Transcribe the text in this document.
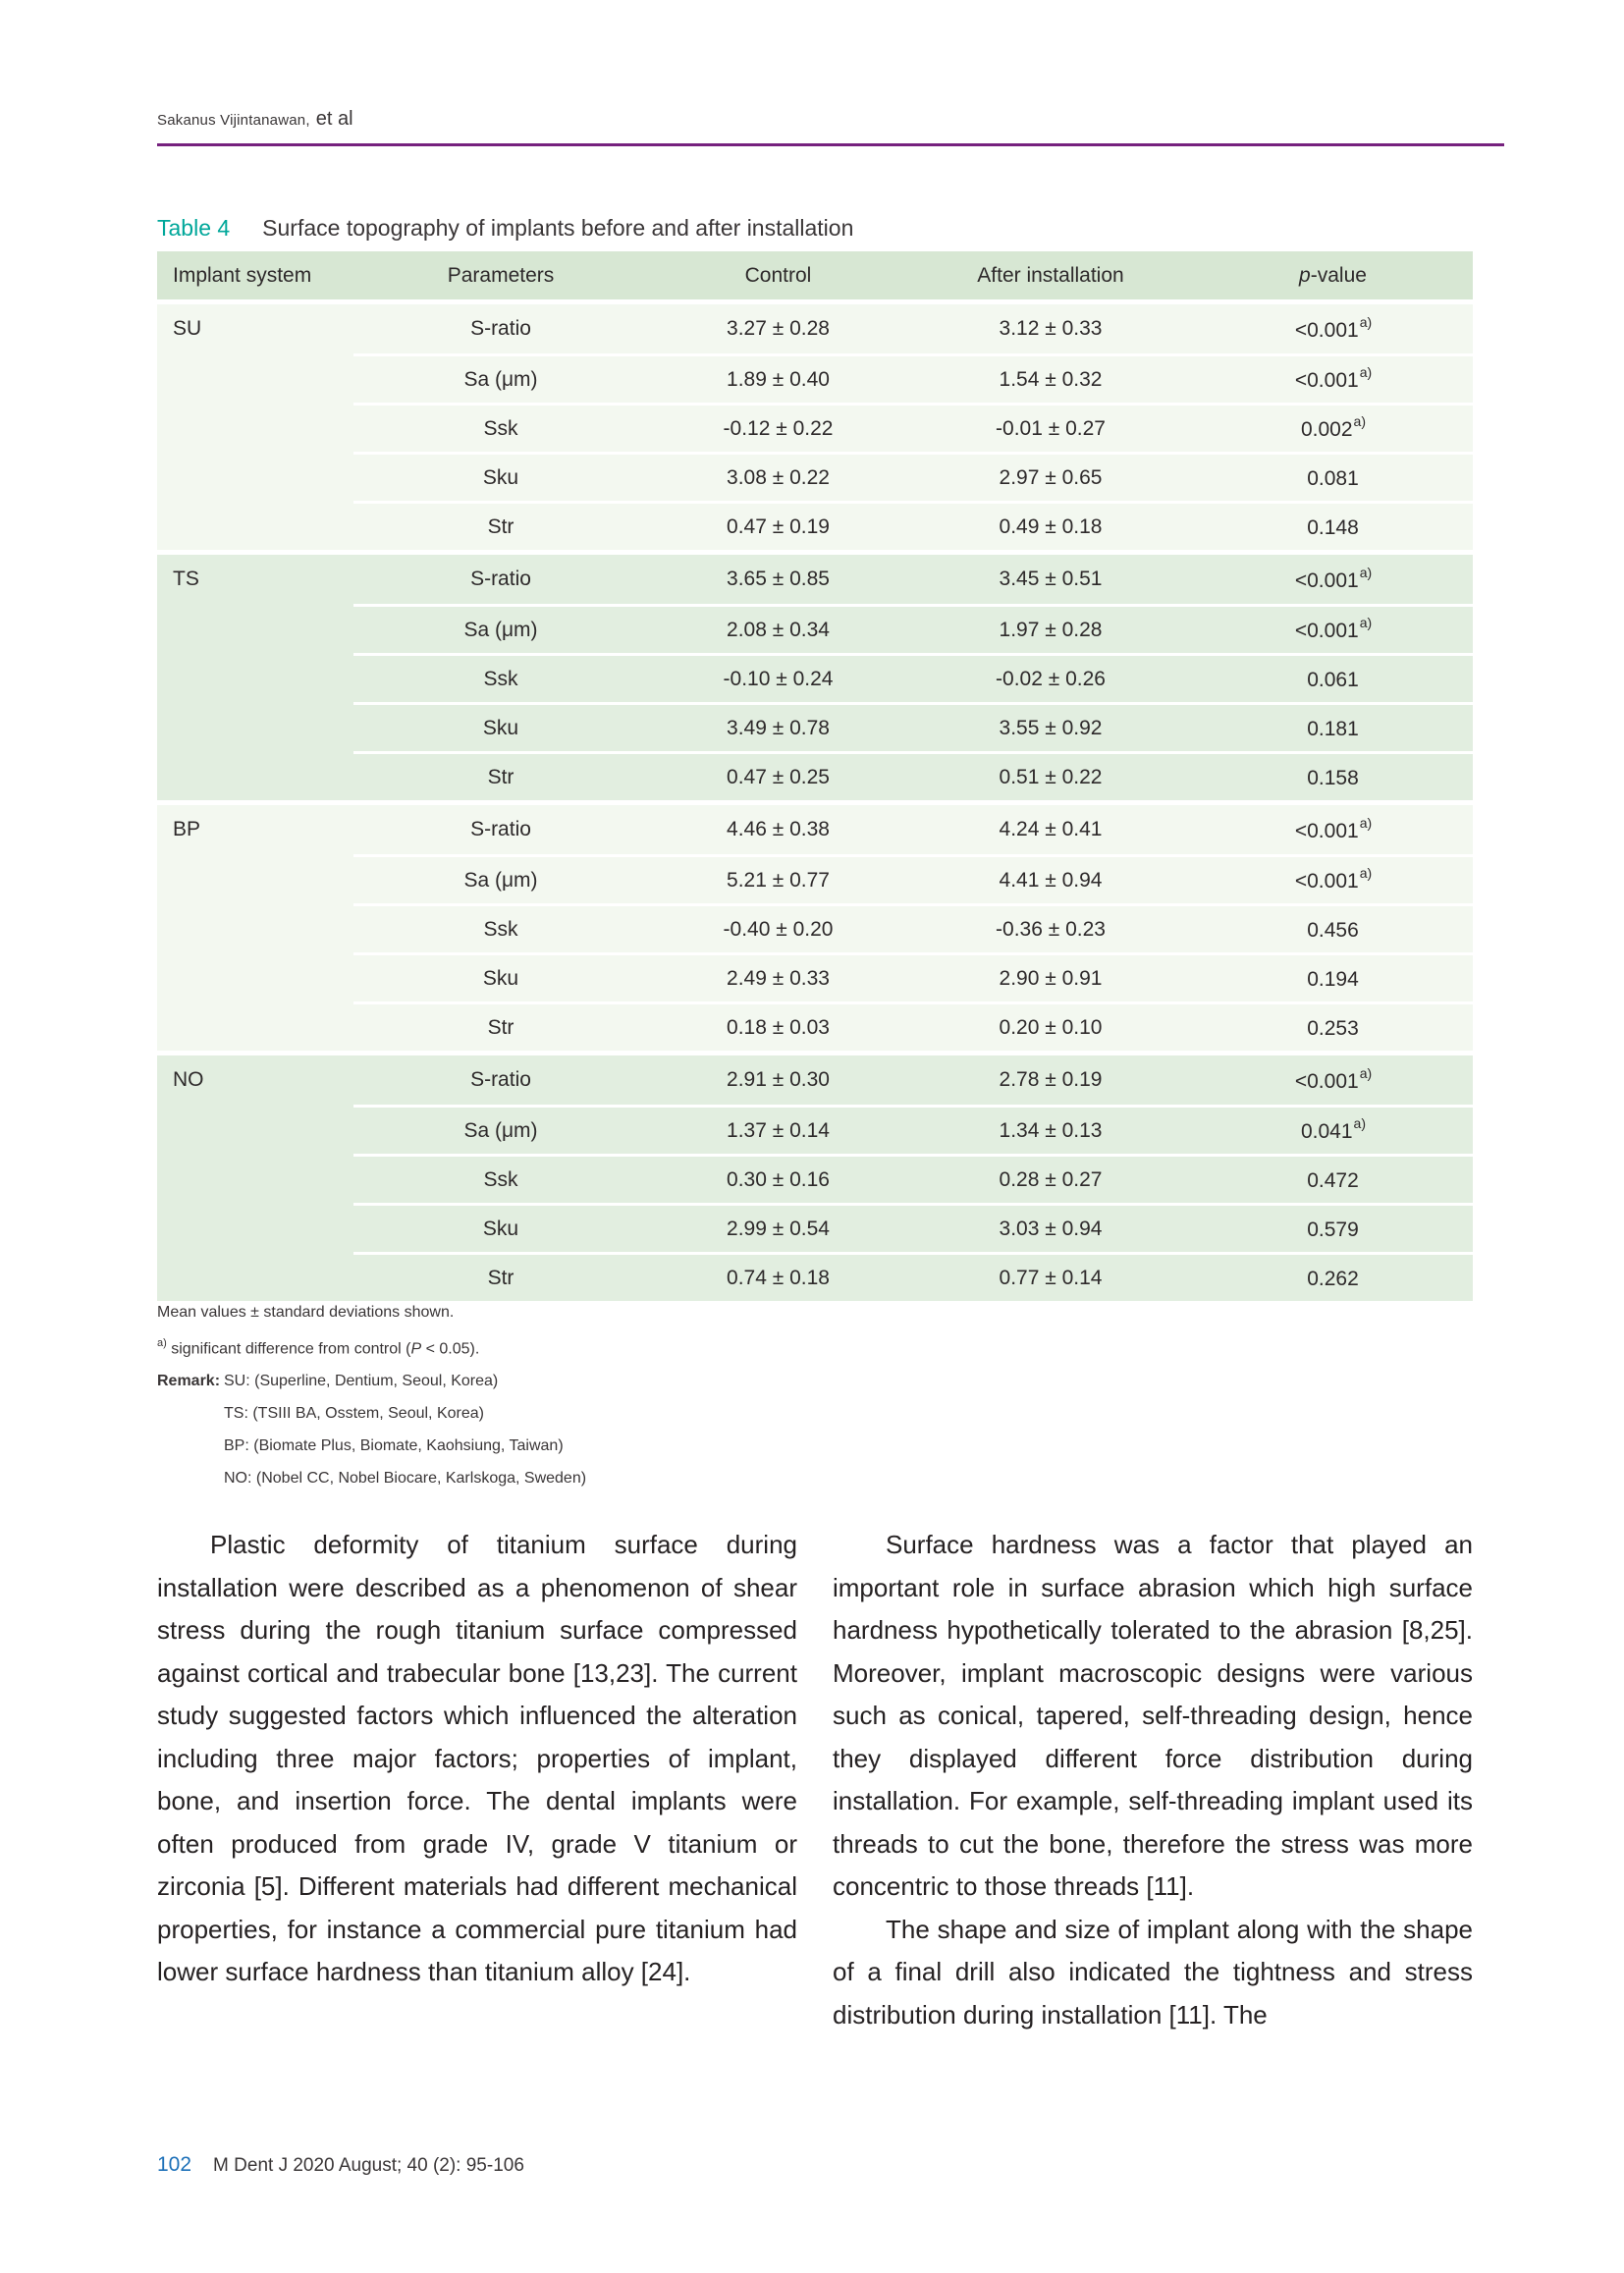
Sakanus Vijintanawan, et al
Table 4 Surface topography of implants before and after installation
Implant system	Parameters	Control	After installation	p-value
SU	S-ratio	3.27 ± 0.28	3.12 ± 0.33	$<0.001^{a)}$
Sa (μm)	1.89 ± 0.40	1.54 ± 0.32	$<0.001^{a)}$
Ssk	-0.12 ± 0.22	-0.01 ± 0.27	0.002$^{a)}$
Sku	3.08 ± 0.22	2.97 ± 0.65	0.081
Str	0.47 ± 0.19	0.49 ± 0.18	0.148
TS	S-ratio	3.65 ± 0.85	3.45 ± 0.51	$<0.001^{a)}$
Sa (μm)	2.08 ± 0.34	1.97 ± 0.28	$<0.001^{a)}$
Ssk	-0.10 ± 0.24	-0.02 ± 0.26	0.061
Sku	3.49 ± 0.78	3.55 ± 0.92	0.181
Str	0.47 ± 0.25	0.51 ± 0.22	0.158
BP	S-ratio	4.46 ± 0.38	4.24 ± 0.41	$<0.001^{a)}$
Sa (μm)	5.21 ± 0.77	4.41 ± 0.94	$<0.001^{a)}$
Ssk	-0.40 ± 0.20	-0.36 ± 0.23	0.456
Sku	2.49 ± 0.33	2.90 ± 0.91	0.194
Str	0.18 ± 0.03	0.20 ± 0.10	0.253
NO	S-ratio	2.91 ± 0.30	2.78 ± 0.19	$<0.001^{a)}$
Sa (μm)	1.37 ± 0.14	1.34 ± 0.13	0.041$^{a)}$
Ssk	0.30 ± 0.16	0.28 ± 0.27	0.472
Sku	2.99 ± 0.54	3.03 ± 0.94	0.579
Str	0.74 ± 0.18	0.77 ± 0.14	0.262

Mean values ± standard deviations shown.

$^{a)}$ significant difference from control (P < 0.05).

Remark: SU: (Superline, Dentium, Seoul, Korea)
TS: (TSIII BA, Osstem, Seoul, Korea)
BP: (Biomate Plus, Biomate, Kaohsiung, Taiwan)
NO: (Nobel CC, Nobel Biocare, Karlskoga, Sweden)

Plastic deformity of titanium surface during installation were described as a phenomenon of shear stress during the rough titanium surface compressed against cortical and trabecular bone [13,23]. The current study suggested factors which influenced the alteration including three major factors; properties of implant, bone, and insertion force. The dental implants were often produced from grade IV, grade V titanium or zirconia [5]. Different materials had different mechanical properties, for instance a commercial pure titanium had lower surface hardness than titanium alloy [24].

Surface hardness was a factor that played an important role in surface abrasion which high surface hardness hypothetically tolerated to the abrasion [8,25]. Moreover, implant macroscopic designs were various such as conical, tapered, self-threading design, hence they displayed different force distribution during installation. For example, self-threading implant used its threads to cut the bone, therefore the stress was more concentric to those threads [11].

The shape and size of implant along with the shape of a final drill also indicated the tightness and stress distribution during installation [11]. The

102 M Dent J 2020 August; 40 (2): 95-106
